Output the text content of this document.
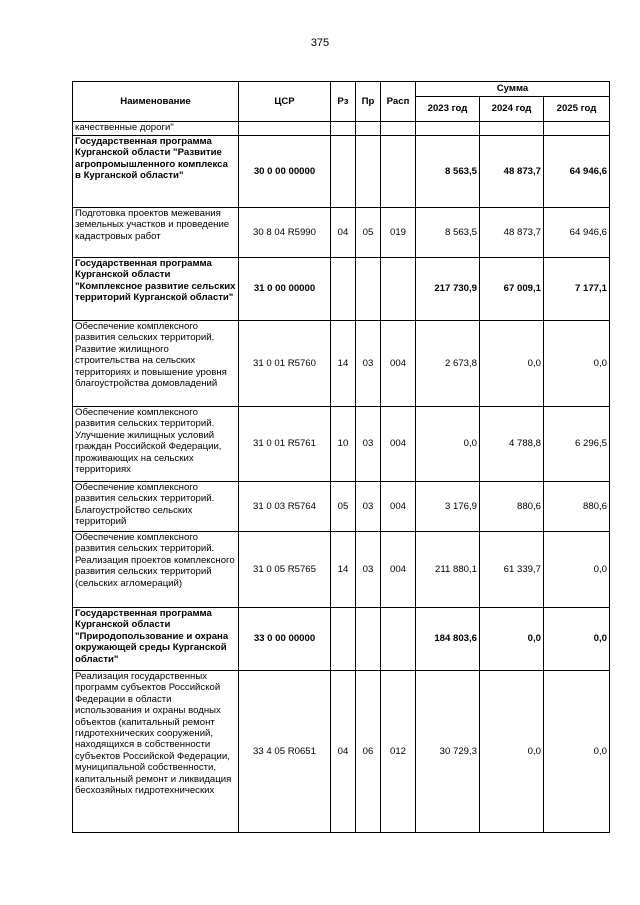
375
Наименование	ЦСР	Рз	Пр	Расп	Сумма		
					2023 год	2024 год	2025 год
качественные дороги"							
Государственная программа Курганской области "Развитие агропромышленного комплекса в Курганской области"	30 0 00 00000				8 563,5	48 873,7	64 946,6
Подготовка проектов межевания земельных участков и проведение кадастровых работ	30 8 04 R5990	04	05	019	8 563,5	48 873,7	64 946,6
Государственная программа Курганской области "Комплексное развитие сельских территорий Курганской области"	31 0 00 00000				217 730,9	67 009,1	7 177,1
Обеспечение комплексного развития сельских территорий. Развитие жилищного строительства на сельских территориях и повышение уровня благоустройства домовладений	31 0 01 R5760	14	03	004	2 673,8	0,0	0,0
Обеспечение комплексного развития сельских территорий. Улучшение жилищных условий граждан Российской Федерации, проживающих на сельских территориях	31 0 01 R5761	10	03	004	0,0	4 788,8	6 296,5
Обеспечение комплексного развития сельских территорий. Благоустройство сельских территорий	31 0 03 R5764	05	03	004	3 176,9	880,6	880,6
Обеспечение комплексного развития сельских территорий. Реализация проектов комплексного развития сельских территорий (сельских агломераций)	31 0 05 R5765	14	03	004	211 880,1	61 339,7	0,0
Государственная программа Курганской области "Природопользование и охрана окружающей среды Курганской области"	33 0 00 00000				184 803,6	0,0	0,0
Реализация государственных программ субъектов Российской Федерации в области использования и охраны водных объектов (капитальный ремонт гидротехнических сооружений, находящихся в собственности субъектов Российской Федерации, муниципальной собственности, капитальный ремонт и ликвидация бесхозяйных гидротехнических	33 4 05 R0651	04	06	012	30 729,3	0,0	0,0
